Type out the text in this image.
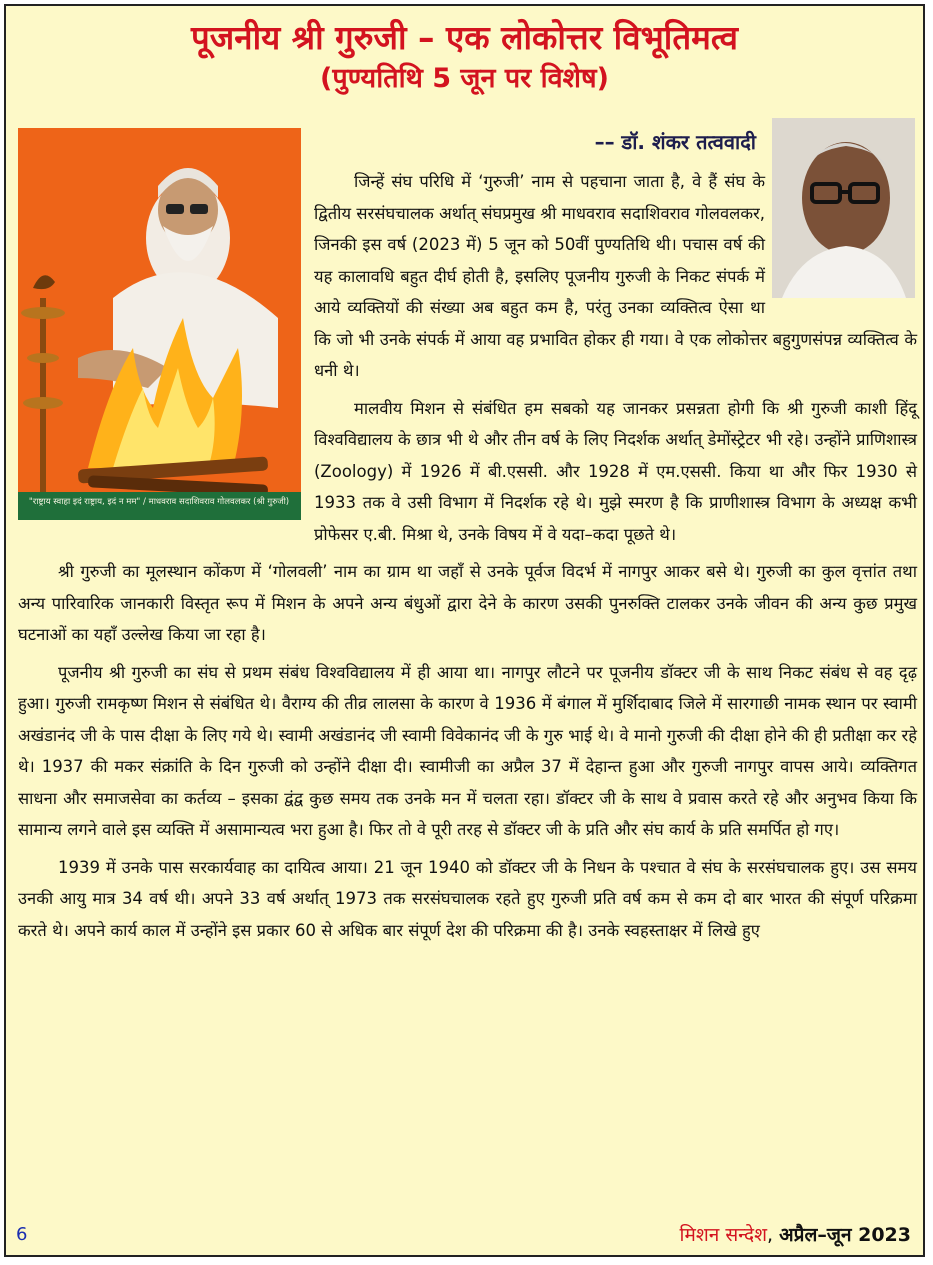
पूजनीय श्री गुरुजी – एक लोकोत्तर विभूतिमत्व
(पुण्यतिथि 5 जून पर विशेष)
"राष्ट्राय स्वाहा इदं राष्ट्राय, इदं न मम" / माधवराव सदाशिवराव गोलवलकर (श्री गुरुजी)
–– डॉ. शंकर तत्ववादी

जिन्हें संघ परिधि में ‘गुरुजी’ नाम से पहचाना जाता है, वे हैं संघ के द्वितीय सरसंघचालक अर्थात् संघप्रमुख श्री माधवराव सदाशिवराव गोलवलकर, जिनकी इस वर्ष (2023 में) 5 जून को 50वीं पुण्यतिथि थी। पचास वर्ष की यह कालावधि बहुत दीर्घ होती है, इसलिए पूजनीय गुरुजी के निकट संपर्क में आये व्यक्तियों की संख्या अब बहुत कम है, परंतु उनका व्यक्तित्व ऐसा था कि जो भी उनके संपर्क में आया वह प्रभावित होकर ही गया। वे एक लोकोत्तर बहुगुणसंपन्न व्यक्तित्व के धनी थे।

मालवीय मिशन से संबंधित हम सबको यह जानकर प्रसन्नता होगी कि श्री गुरुजी काशी हिंदू विश्वविद्यालय के छात्र भी थे और तीन वर्ष के लिए निदर्शक अर्थात् डेमोंस्ट्रेटर भी रहे। उन्होंने प्राणिशास्त्र (Zoology) में 1926 में बी.एससी. और 1928 में एम.एससी. किया था और फिर 1930 से 1933 तक वे उसी विभाग में निदर्शक रहे थे। मुझे स्मरण है कि प्राणीशास्त्र विभाग के अध्यक्ष कभी प्रोफेसर ए.बी. मिश्रा थे, उनके विषय में वे यदा–कदा पूछते थे।

श्री गुरुजी का मूलस्थान कोंकण में ‘गोलवली’ नाम का ग्राम था जहाँ से उनके पूर्वज विदर्भ में नागपुर आकर बसे थे। गुरुजी का कुल वृत्तांत तथा अन्य पारिवारिक जानकारी विस्तृत रूप में मिशन के अपने अन्य बंधुओं द्वारा देने के कारण उसकी पुनरुक्ति टालकर उनके जीवन की अन्य कुछ प्रमुख घटनाओं का यहाँ उल्लेख किया जा रहा है।

पूजनीय श्री गुरुजी का संघ से प्रथम संबंध विश्वविद्यालय में ही आया था। नागपुर लौटने पर पूजनीय डॉक्टर जी के साथ निकट संबंध से वह दृढ़ हुआ। गुरुजी रामकृष्ण मिशन से संबंधित थे। वैराग्य की तीव्र लालसा के कारण वे 1936 में बंगाल में मुर्शिदाबाद जिले में सारगाछी नामक स्थान पर स्वामी अखंडानंद जी के पास दीक्षा के लिए गये थे। स्वामी अखंडानंद जी स्वामी विवेकानंद जी के गुरु भाई थे। वे मानो गुरुजी की दीक्षा होने की ही प्रतीक्षा कर रहे थे। 1937 की मकर संक्रांति के दिन गुरुजी को उन्होंने दीक्षा दी। स्वामीजी का अप्रैल 37 में देहान्त हुआ और गुरुजी नागपुर वापस आये। व्यक्तिगत साधना और समाजसेवा का कर्तव्य – इसका द्वंद्व कुछ समय तक उनके मन में चलता रहा। डॉक्टर जी के साथ वे प्रवास करते रहे और अनुभव किया कि सामान्य लगने वाले इस व्यक्ति में असामान्यत्व भरा हुआ है। फिर तो वे पूरी तरह से डॉक्टर जी के प्रति और संघ कार्य के प्रति समर्पित हो गए।

1939 में उनके पास सरकार्यवाह का दायित्व आया। 21 जून 1940 को डॉक्टर जी के निधन के पश्चात वे संघ के सरसंघचालक हुए। उस समय उनकी आयु मात्र 34 वर्ष थी। अपने 33 वर्ष अर्थात् 1973 तक सरसंघचालक रहते हुए गुरुजी प्रति वर्ष कम से कम दो बार भारत की संपूर्ण परिक्रमा करते थे। अपने कार्य काल में उन्होंने इस प्रकार 60 से अधिक बार संपूर्ण देश की परिक्रमा की है। उनके स्वहस्ताक्षर में लिखे हुए

6	मिशन सन्देश, अप्रैल–जून 2023
